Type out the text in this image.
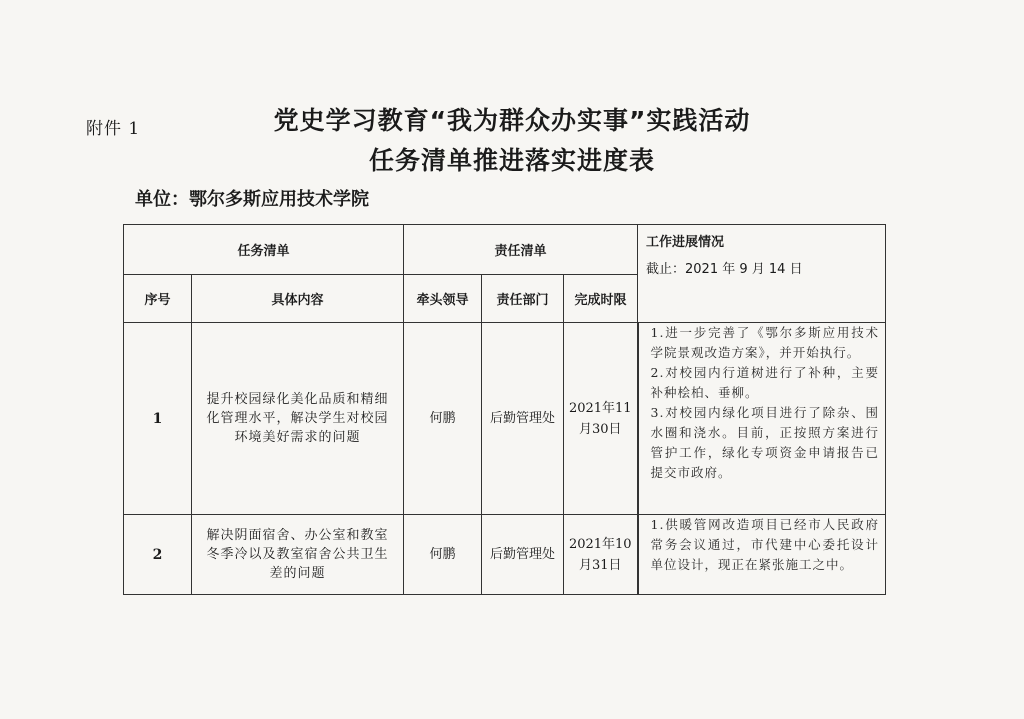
附件 1	党史学习教育“我为群众办实事”实践活动
任务清单推进落实进度表
单位：鄂尔多斯应用技术学院
任务清单		责任清单			工作进展情况
截止：2021 年 9 月 14 日
序号	具体内容	牵头领导	责任部门	完成时限	
1	提升校园绿化美化品质和精细化管理水平，解决学生对校园环境美好需求的问题	何鹏	后勤管理处	2021年11月30日	1.进一步完善了《鄂尔多斯应用技术学院景观改造方案》，并开始执行。

2.对校园内行道树进行了补种，主要补种桧柏、垂柳。

3.对校园内绿化项目进行了除杂、围水圈和浇水。目前，正按照方案进行管护工作，绿化专项资金申请报告已提交市政府。

2	解决阴面宿舍、办公室和教室冬季冷以及教室宿舍公共卫生差的问题	何鹏	后勤管理处	2021年10月31日	1.供暖管网改造项目已经市人民政府常务会议通过，市代建中心委托设计单位设计，现正在紧张施工之中。
